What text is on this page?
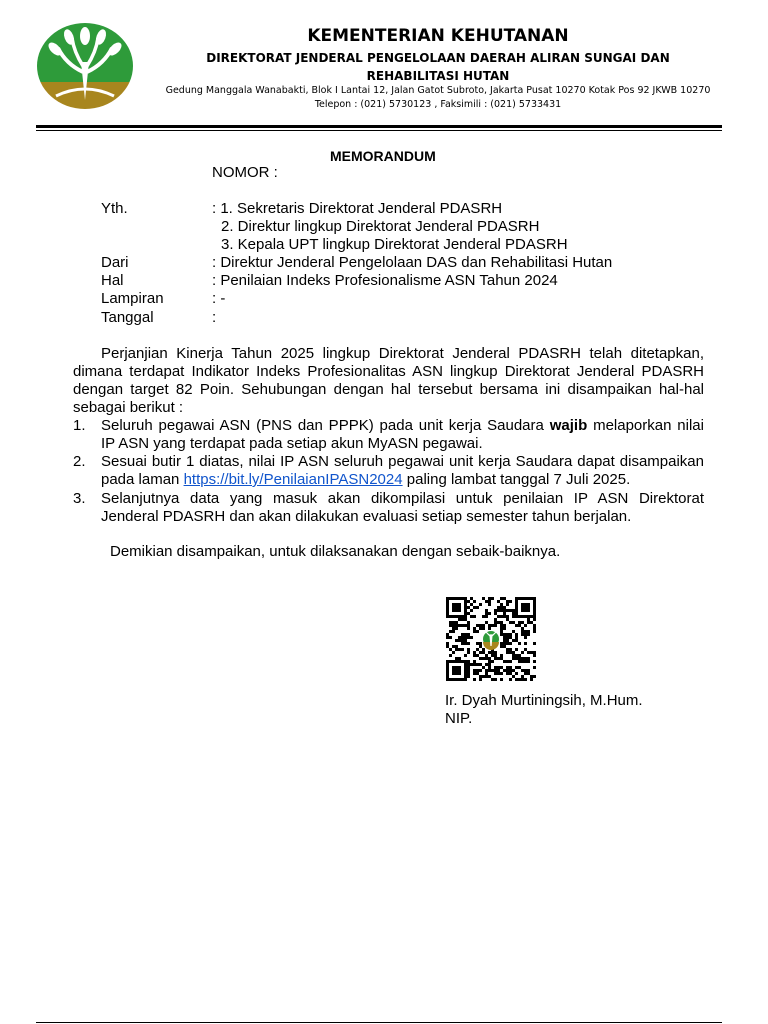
KEMENTERIAN KEHUTANAN
DIREKTORAT JENDERAL PENGELOLAAN DAERAH ALIRAN SUNGAI DAN
REHABILITASI HUTAN
Gedung Manggala Wanabakti, Blok I Lantai 12, Jalan Gatot Subroto, Jakarta Pusat 10270 Kotak Pos 92 JKWB 10270
Telepon : (021) 5730123 , Faksimili : (021) 5733431
MEMORANDUM
NOMOR :
Yth.	: 1. Sekretaris Direktorat Jenderal PDASRH
2. Direktur lingkup Direktorat Jenderal PDASRH
3. Kepala UPT lingkup Direktorat Jenderal PDASRH
Dari	: Direktur Jenderal Pengelolaan DAS dan Rehabilitasi Hutan
Hal	: Penilaian Indeks Profesionalisme ASN Tahun 2024
Lampiran	: -
Tanggal	:
Perjanjian Kinerja Tahun 2025 lingkup Direktorat Jenderal PDASRH telah ditetapkan,
dimana terdapat Indikator Indeks Profesionalitas ASN lingkup Direktorat Jenderal PDASRH
dengan target 82 Poin. Sehubungan dengan hal tersebut bersama ini disampaikan hal-hal
sebagai berikut :
1. Seluruh pegawai ASN (PNS dan PPPK) pada unit kerja Saudara wajib melaporkan nilai
IP ASN yang terdapat pada setiap akun MyASN pegawai.
2. Sesuai butir 1 diatas, nilai IP ASN seluruh pegawai unit kerja Saudara dapat disampaikan
pada laman https://bit.ly/PenilaianIPASN2024 paling lambat tanggal 7 Juli 2025.
3. Selanjutnya data yang masuk akan dikompilasi untuk penilaian IP ASN Direktorat
Jenderal PDASRH dan akan dilakukan evaluasi setiap semester tahun berjalan.
Demikian disampaikan, untuk dilaksanakan dengan sebaik-baiknya.
Ir. Dyah Murtiningsih, M.Hum.
NIP.
